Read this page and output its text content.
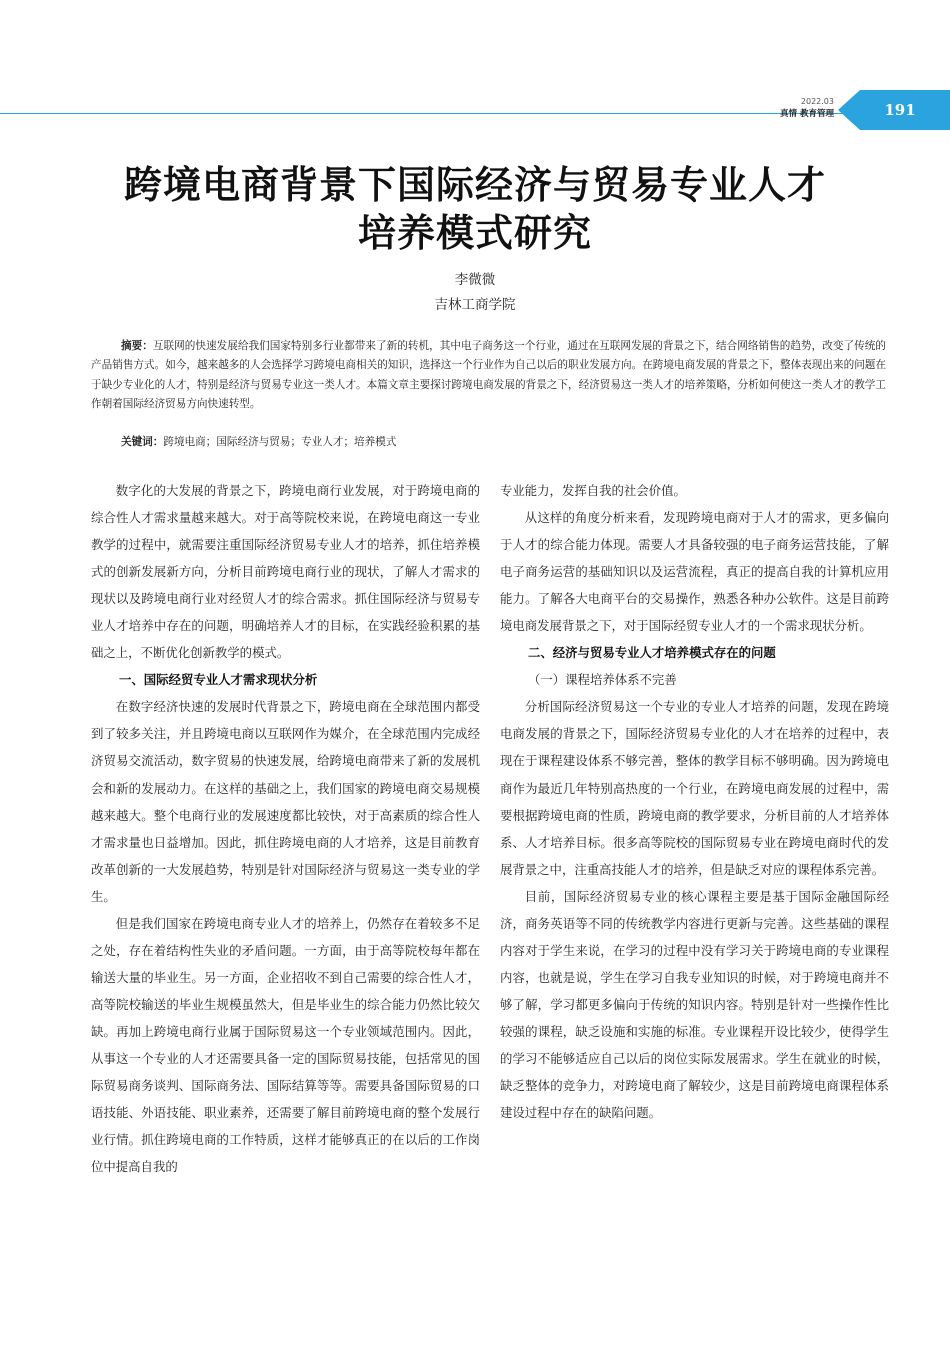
2022.03
真情 教育管理	191
跨境电商背景下国际经济与贸易专业人才
培养模式研究
李微微
吉林工商学院
摘要：互联网的快速发展给我们国家特别多行业都带来了新的转机，其中电子商务这一个行业，通过在互联网发展的背景之下，结合网络销售的趋势，改变了传统的产品销售方式。如今，越来越多的人会选择学习跨境电商相关的知识，选择这一个行业作为自己以后的职业发展方向。在跨境电商发展的背景之下，整体表现出来的问题在于缺少专业化的人才，特别是经济与贸易专业这一类人才。本篇文章主要探讨跨境电商发展的背景之下，经济贸易这一类人才的培养策略，分析如何使这一类人才的教学工作朝着国际经济贸易方向快速转型。
关键词：跨境电商；国际经济与贸易；专业人才；培养模式

数字化的大发展的背景之下，跨境电商行业发展，对于跨境电商的综合性人才需求量越来越大。对于高等院校来说，在跨境电商这一专业教学的过程中，就需要注重国际经济贸易专业人才的培养，抓住培养模式的创新发展新方向，分析目前跨境电商行业的现状，了解人才需求的现状以及跨境电商行业对经贸人才的综合需求。抓住国际经济与贸易专业人才培养中存在的问题，明确培养人才的目标，在实践经验积累的基础之上，不断优化创新教学的模式。

一、国际经贸专业人才需求现状分析

在数字经济快速的发展时代背景之下，跨境电商在全球范围内都受到了较多关注，并且跨境电商以互联网作为媒介，在全球范围内完成经济贸易交流活动，数字贸易的快速发展，给跨境电商带来了新的发展机会和新的发展动力。在这样的基础之上，我们国家的跨境电商交易规模越来越大。整个电商行业的发展速度都比较快，对于高素质的综合性人才需求量也日益增加。因此，抓住跨境电商的人才培养，这是目前教育改革创新的一大发展趋势，特别是针对国际经济与贸易这一类专业的学生。

但是我们国家在跨境电商专业人才的培养上，仍然存在着较多不足之处，存在着结构性失业的矛盾问题。一方面，由于高等院校每年都在输送大量的毕业生。另一方面，企业招收不到自己需要的综合性人才，高等院校输送的毕业生规模虽然大，但是毕业生的综合能力仍然比较欠缺。再加上跨境电商行业属于国际贸易这一个专业领域范围内。因此，从事这一个专业的人才还需要具备一定的国际贸易技能，包括常见的国际贸易商务谈判、国际商务法、国际结算等等。需要具备国际贸易的口语技能、外语技能、职业素养，还需要了解目前跨境电商的整个发展行业行情。抓住跨境电商的工作特质，这样才能够真正的在以后的工作岗位中提高自我的

专业能力，发挥自我的社会价值。

从这样的角度分析来看，发现跨境电商对于人才的需求，更多偏向于人才的综合能力体现。需要人才具备较强的电子商务运营技能，了解电子商务运营的基础知识以及运营流程，真正的提高自我的计算机应用能力。了解各大电商平台的交易操作，熟悉各种办公软件。这是目前跨境电商发展背景之下，对于国际经贸专业人才的一个需求现状分析。

二、经济与贸易专业人才培养模式存在的问题
（一）课程培养体系不完善

分析国际经济贸易这一个专业的专业人才培养的问题，发现在跨境电商发展的背景之下，国际经济贸易专业化的人才在培养的过程中，表现在于课程建设体系不够完善，整体的教学目标不够明确。因为跨境电商作为最近几年特别高热度的一个行业，在跨境电商发展的过程中，需要根据跨境电商的性质，跨境电商的教学要求，分析目前的人才培养体系、人才培养目标。很多高等院校的国际贸易专业在跨境电商时代的发展背景之中，注重高技能人才的培养，但是缺乏对应的课程体系完善。

目前，国际经济贸易专业的核心课程主要是基于国际金融国际经济，商务英语等不同的传统教学内容进行更新与完善。这些基础的课程内容对于学生来说，在学习的过程中没有学习关于跨境电商的专业课程内容，也就是说，学生在学习自我专业知识的时候，对于跨境电商并不够了解，学习都更多偏向于传统的知识内容。特别是针对一些操作性比较强的课程，缺乏设施和实施的标准。专业课程开设比较少，使得学生的学习不能够适应自己以后的岗位实际发展需求。学生在就业的时候，缺乏整体的竞争力，对跨境电商了解较少，这是目前跨境电商课程体系建设过程中存在的缺陷问题。
